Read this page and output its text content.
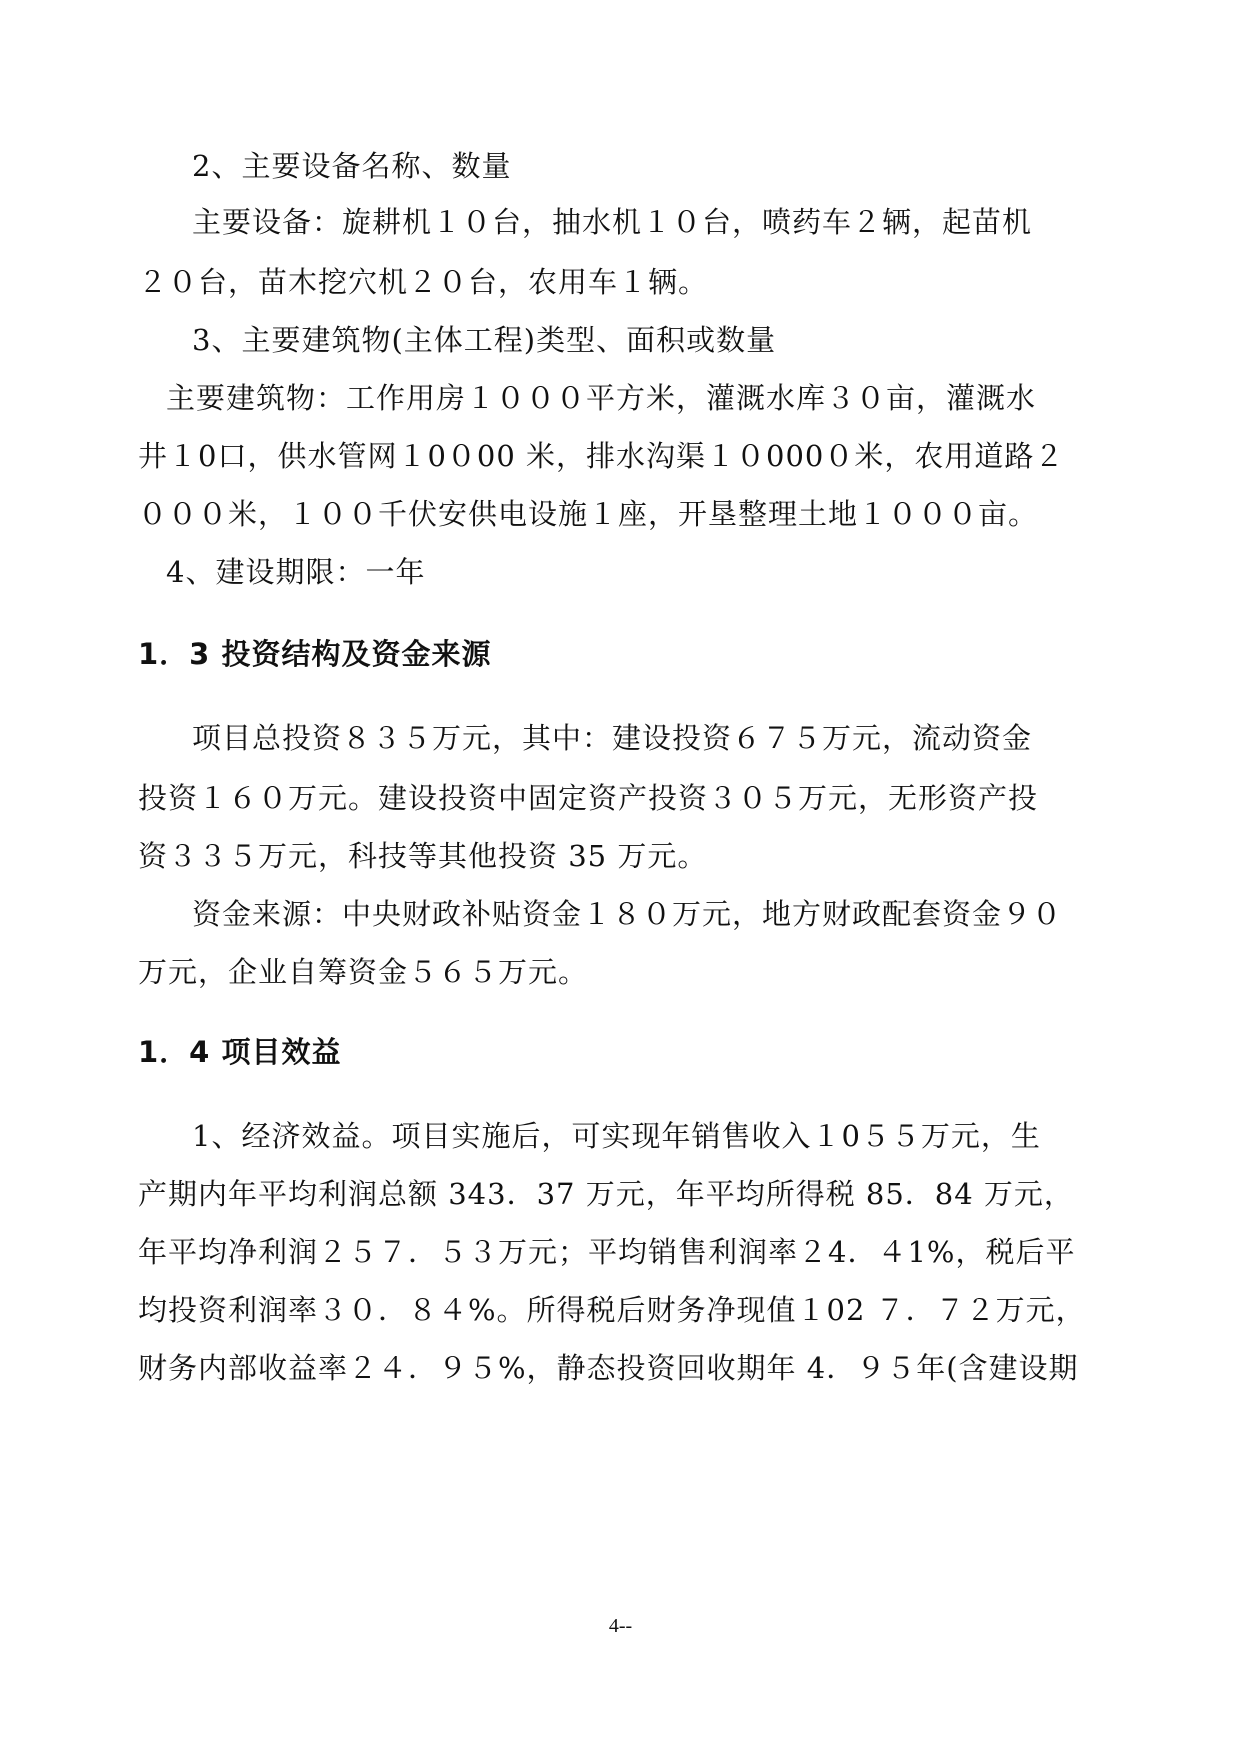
2、主要设备名称、数量
主要设备：旋耕机１０台，抽水机１０台，喷药车２辆，起苗机
２０台，苗木挖穴机２０台，农用车１辆。
3、主要建筑物(主体工程)类型、面积或数量
主要建筑物：工作用房１０００平方米，灌溉水库３０亩，灌溉水
井１0口，供水管网１0０00 米，排水沟渠１０000０米，农用道路２
０００米，１００千伏安供电设施１座，开垦整理土地１０００亩。
4、建设期限：一年
1．3 投资结构及资金来源
项目总投资８３５万元，其中：建设投资６７５万元，流动资金
投资１６０万元。建设投资中固定资产投资３０５万元，无形资产投
资３３５万元，科技等其他投资 35 万元。
资金来源：中央财政补贴资金１８０万元，地方财政配套资金９０
万元，企业自筹资金５６５万元。
1．4 项目效益
1、经济效益。项目实施后，可实现年销售收入１0５５万元，生
产期内年平均利润总额 343．37 万元，年平均所得税 85．84 万元，
年平均净利润２５７．５３万元；平均销售利润率２4．４1%，税后平
均投资利润率３０．８４%。所得税后财务净现值１02 ７．７２万元，
财务内部收益率２４．９５%，静态投资回收期年 4．９５年(含建设期
4--
